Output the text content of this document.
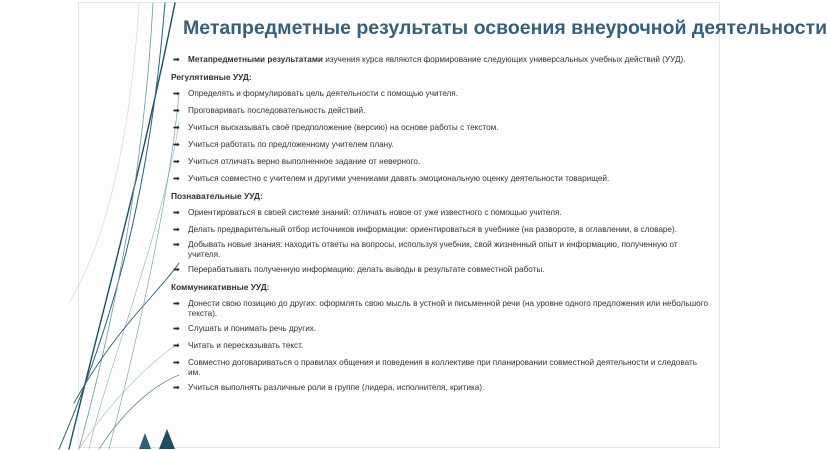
Метапредметные результаты освоения внеурочной деятельности
➡ Метапредметными результатами изучения курса являются формирование следующих универсальных учебных действий (УУД).
Регулятивные УУД:
➡ Определять и формулировать цель деятельности с помощью учителя.
➡ Проговаривать последовательность действий.
➡ Учиться высказывать своё предположение (версию) на основе работы с текстом.
➡ Учиться работать по предложенному учителем плану.
➡ Учиться отличать верно выполненное задание от неверного.
➡ Учиться совместно с учителем и другими учениками давать эмоциональную оценку деятельности товарищей.
Познавательные УУД:
➡ Ориентироваться в своей системе знаний: отличать новое от уже известного с помощью учителя.
➡ Делать предварительный отбор источников информации: ориентироваться в учебнике (на развороте, в оглавлении, в словаре).
➡ Добывать новые знания: находить ответы на вопросы, используя учебник, свой жизненный опыт и информацию, полученную от учителя.
➡ Перерабатывать полученную информацию: делать выводы в результате совместной работы.
Коммуникативные УУД:
➡ Донести свою позицию до других: оформлять свою мысль в устной и письменной речи (на уровне одного предложения или небольшого текста).
➡ Слушать и понимать речь других.
➡ Читать и пересказывать текст.
➡ Совместно договариваться о правилах общения и поведения в коллективе при планировании совместной деятельности и следовать им.
➡ Учиться выполнять различные роли в группе (лидера, исполнителя, критика).
